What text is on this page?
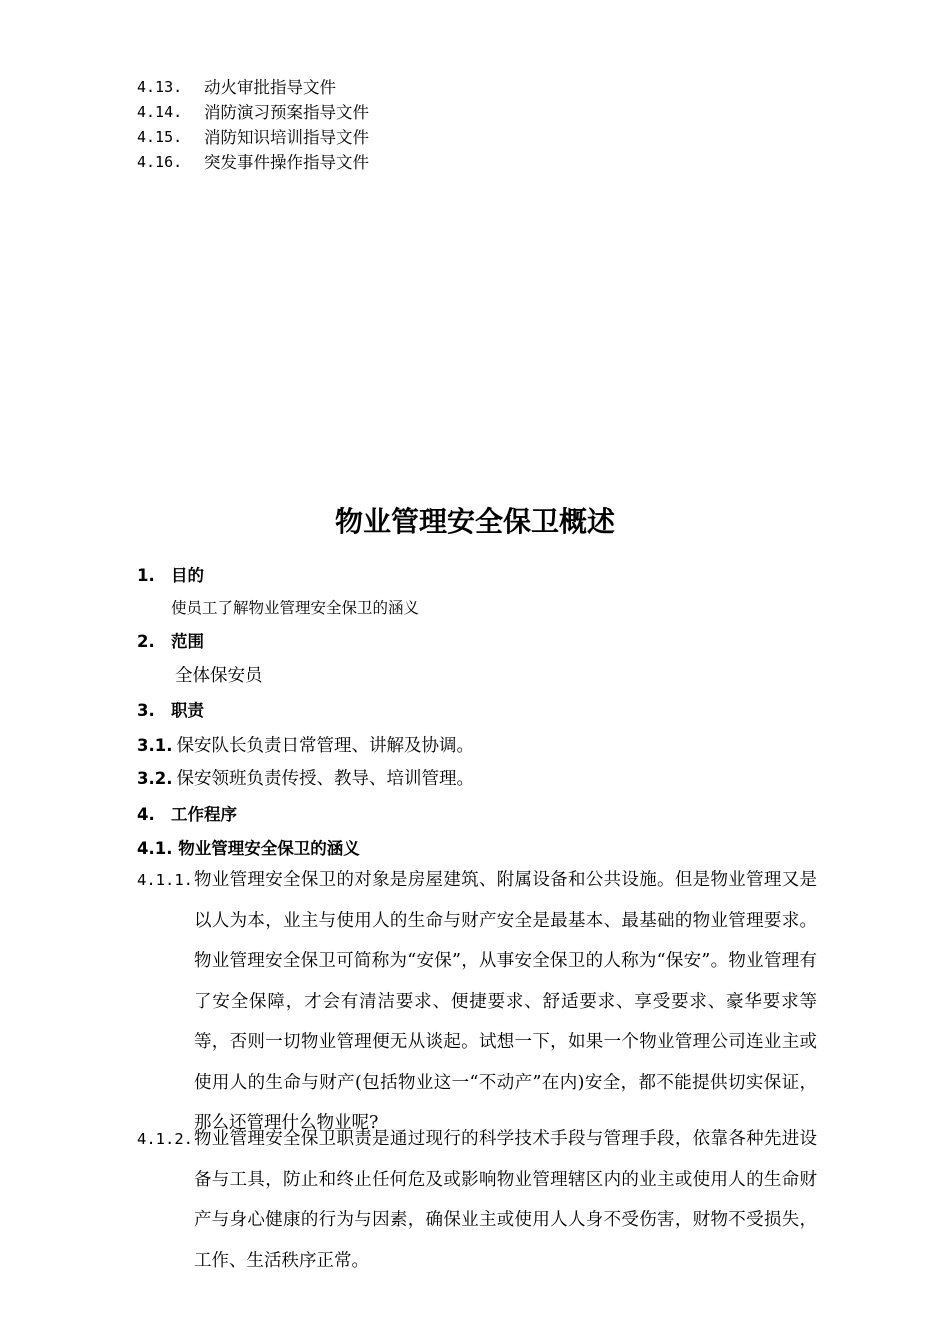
4.13.	动火审批指导文件
4.14.	消防演习预案指导文件
4.15.	消防知识培训指导文件
4.16.	突发事件操作指导文件
物业管理安全保卫概述
1. 目的
使员工了解物业管理安全保卫的涵义
2. 范围
全体保安员
3. 职责
3.1. 保安队长负责日常管理、讲解及协调。
3.2. 保安领班负责传授、教导、培训管理。
4. 工作程序
4.1. 物业管理安全保卫的涵义
4.1.1. 物业管理安全保卫的对象是房屋建筑、附属设备和公共设施。但是物业管理又是以人为本，业主与使用人的生命与财产安全是最基本、最基础的物业管理要求。物业管理安全保卫可简称为“安保”，从事安全保卫的人称为“保安”。物业管理有了安全保障，才会有清洁要求、便捷要求、舒适要求、享受要求、豪华要求等等，否则一切物业管理便无从谈起。试想一下，如果一个物业管理公司连业主或使用人的生命与财产(包括物业这一“不动产”在内)安全，都不能提供切实保证，那么还管理什么物业呢?
4.1.2. 物业管理安全保卫职责是通过现行的科学技术手段与管理手段，依靠各种先进设备与工具，防止和终止任何危及或影响物业管理辖区内的业主或使用人的生命财产与身心健康的行为与因素，确保业主或使用人人身不受伤害，财物不受损失，工作、生活秩序正常。
